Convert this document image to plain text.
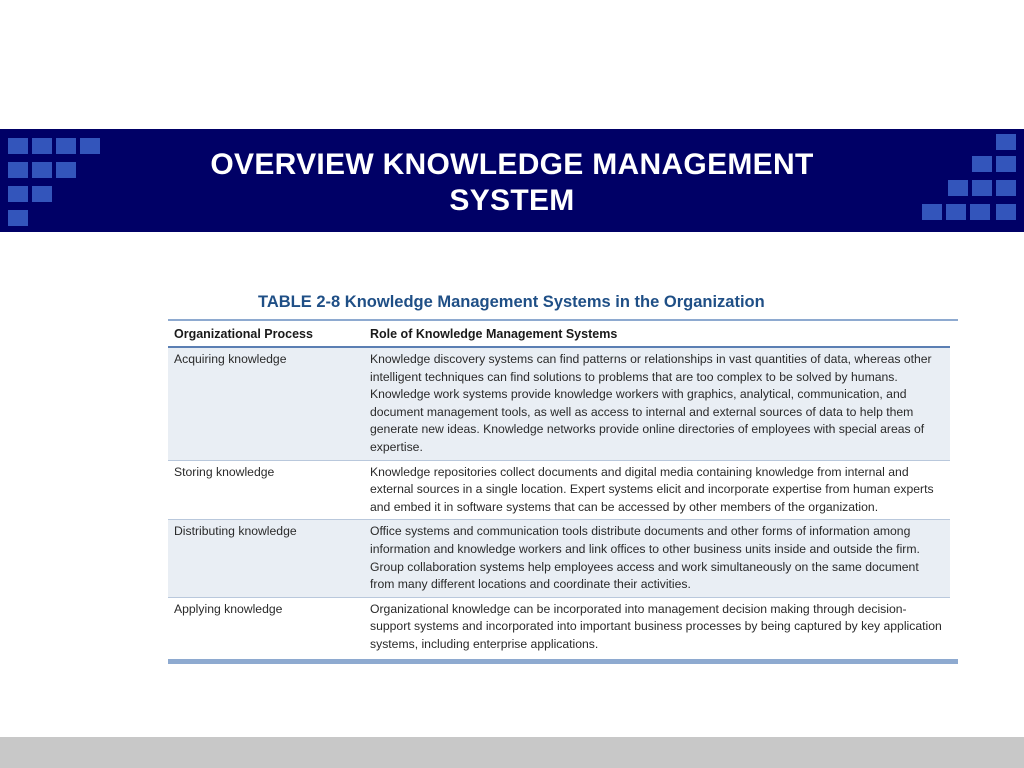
OVERVIEW KNOWLEDGE MANAGEMENT
SYSTEM
TABLE 2-8 Knowledge Management Systems in the Organization
Organizational Process	Role of Knowledge Management Systems
Acquiring knowledge	Knowledge discovery systems can find patterns or relationships in vast quantities of data, whereas other intelligent techniques can find solutions to problems that are too complex to be solved by humans. Knowledge work systems provide knowledge workers with graphics, analytical, communication, and document management tools, as well as access to internal and external sources of data to help them generate new ideas. Knowledge networks provide online directories of employees with special areas of expertise.
Storing knowledge	Knowledge repositories collect documents and digital media containing knowledge from internal and external sources in a single location. Expert systems elicit and incorporate expertise from human experts and embed it in software systems that can be accessed by other members of the organization.
Distributing knowledge	Office systems and communication tools distribute documents and other forms of information among information and knowledge workers and link offices to other business units inside and outside the firm. Group collaboration systems help employees access and work simultaneously on the same document from many different locations and coordinate their activities.
Applying knowledge	Organizational knowledge can be incorporated into management decision making through decision-support systems and incorporated into important business processes by being captured by key application systems, including enterprise applications.
